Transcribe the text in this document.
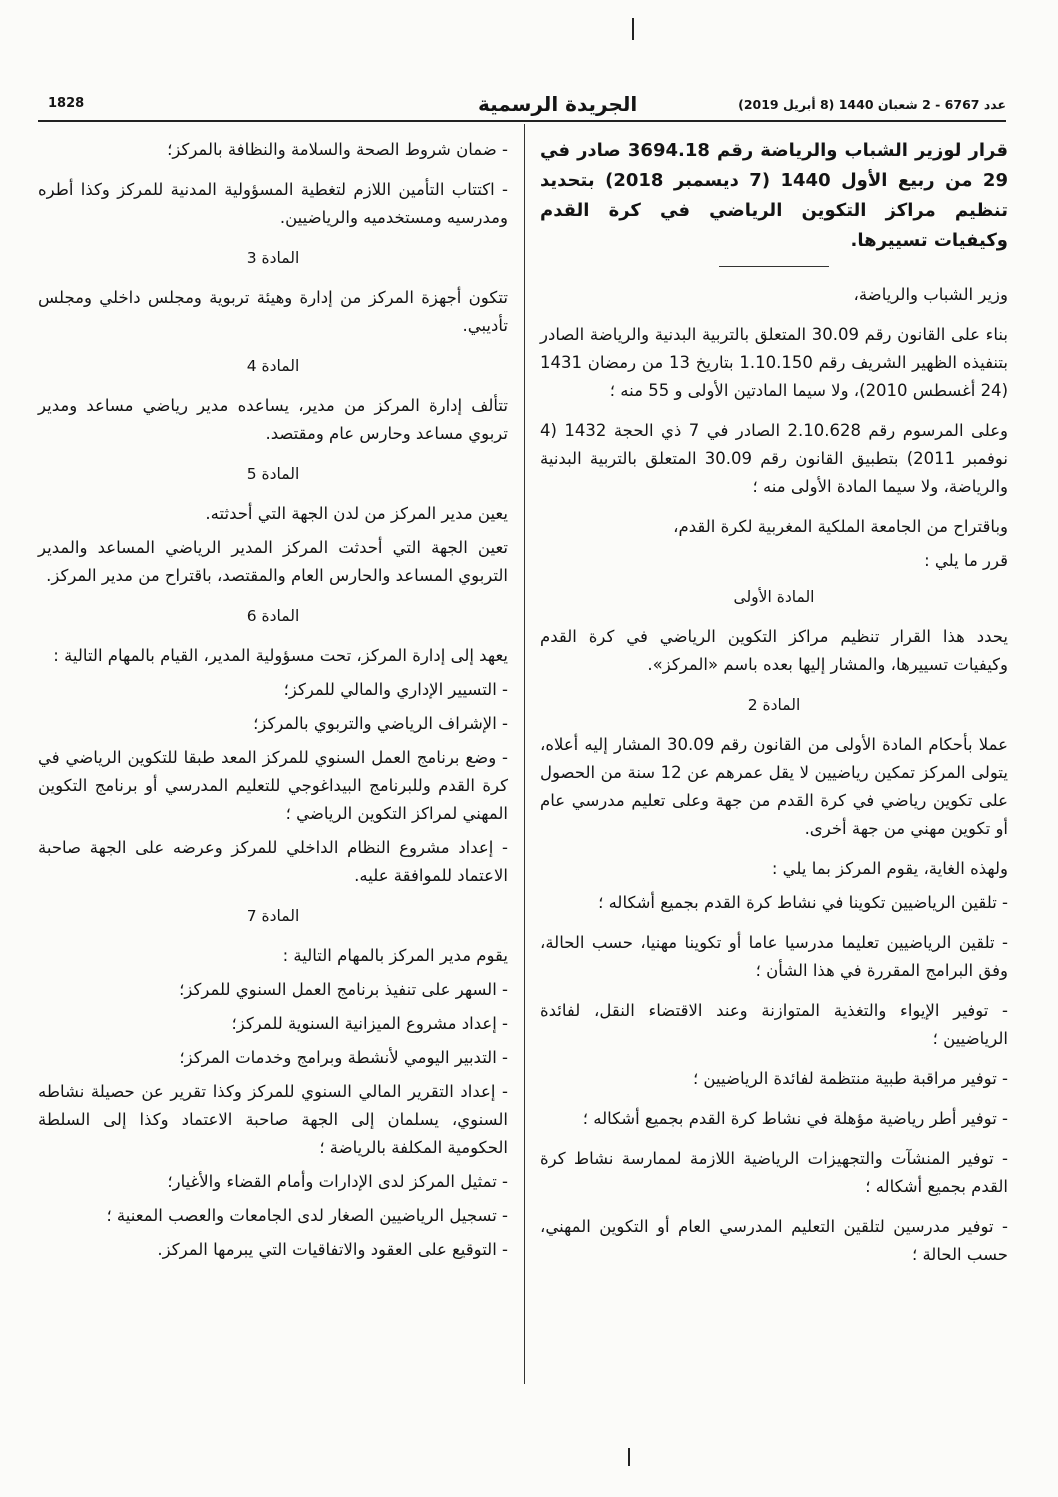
1828	الجريدة الرسمية	عدد 6767 - 2 شعبان 1440 (8 أبريل 2019)

قرار لوزير الشباب والرياضة رقم 3694.18 صادر في 29 من ربيع الأول 1440 (7 ديسمبر 2018) بتحديد تنظيم مراكز التكوين الرياضي في كرة القدم وكيفيات تسييرها.

وزير الشباب والرياضة،

بناء على القانون رقم 30.09 المتعلق بالتربية البدنية والرياضة الصادر بتنفيذه الظهير الشريف رقم 1.10.150 بتاريخ 13 من رمضان 1431 (24 أغسطس 2010)، ولا سيما المادتين الأولى و 55 منه ؛

وعلى المرسوم رقم 2.10.628 الصادر في 7 ذي الحجة 1432 (4 نوفمبر 2011) بتطبيق القانون رقم 30.09 المتعلق بالتربية البدنية والرياضة، ولا سيما المادة الأولى منه ؛

وباقتراح من الجامعة الملكية المغربية لكرة القدم،

قرر ما يلي :

المادة الأولى

يحدد هذا القرار تنظيم مراكز التكوين الرياضي في كرة القدم وكيفيات تسييرها، والمشار إليها بعده باسم «المركز».

المادة 2

عملا بأحكام المادة الأولى من القانون رقم 30.09 المشار إليه أعلاه، يتولى المركز تمكين رياضيين لا يقل عمرهم عن 12 سنة من الحصول على تكوين رياضي في كرة القدم من جهة وعلى تعليم مدرسي عام أو تكوين مهني من جهة أخرى.

ولهذه الغاية، يقوم المركز بما يلي :

- تلقين الرياضيين تكوينا في نشاط كرة القدم بجميع أشكاله ؛

- تلقين الرياضيين تعليما مدرسيا عاما أو تكوينا مهنيا، حسب الحالة، وفق البرامج المقررة في هذا الشأن ؛

- توفير الإيواء والتغذية المتوازنة وعند الاقتضاء النقل، لفائدة الرياضيين ؛

- توفير مراقبة طبية منتظمة لفائدة الرياضيين ؛

- توفير أطر رياضية مؤهلة في نشاط كرة القدم بجميع أشكاله ؛

- توفير المنشآت والتجهيزات الرياضية اللازمة لممارسة نشاط كرة القدم بجميع أشكاله ؛

- توفير مدرسين لتلقين التعليم المدرسي العام أو التكوين المهني، حسب الحالة ؛

- ضمان شروط الصحة والسلامة والنظافة بالمركز؛

- اكتتاب التأمين اللازم لتغطية المسؤولية المدنية للمركز وكذا أطره ومدرسيه ومستخدميه والرياضيين.

المادة 3

تتكون أجهزة المركز من إدارة وهيئة تربوية ومجلس داخلي ومجلس تأديبي.

المادة 4

تتألف إدارة المركز من مدير، يساعده مدير رياضي مساعد ومدير تربوي مساعد وحارس عام ومقتصد.

المادة 5

يعين مدير المركز من لدن الجهة التي أحدثته.

تعين الجهة التي أحدثت المركز المدير الرياضي المساعد والمدير التربوي المساعد والحارس العام والمقتصد، باقتراح من مدير المركز.

المادة 6

يعهد إلى إدارة المركز، تحت مسؤولية المدير، القيام بالمهام التالية :

- التسيير الإداري والمالي للمركز؛

- الإشراف الرياضي والتربوي بالمركز؛

- وضع برنامج العمل السنوي للمركز المعد طبقا للتكوين الرياضي في كرة القدم وللبرنامج البيداغوجي للتعليم المدرسي أو برنامج التكوين المهني لمراكز التكوين الرياضي ؛

- إعداد مشروع النظام الداخلي للمركز وعرضه على الجهة صاحبة الاعتماد للموافقة عليه.

المادة 7

يقوم مدير المركز بالمهام التالية :

- السهر على تنفيذ برنامج العمل السنوي للمركز؛

- إعداد مشروع الميزانية السنوية للمركز؛

- التدبير اليومي لأنشطة وبرامج وخدمات المركز؛

- إعداد التقرير المالي السنوي للمركز وكذا تقرير عن حصيلة نشاطه السنوي، يسلمان إلى الجهة صاحبة الاعتماد وكذا إلى السلطة الحكومية المكلفة بالرياضة ؛

- تمثيل المركز لدى الإدارات وأمام القضاء والأغيار؛

- تسجيل الرياضيين الصغار لدى الجامعات والعصب المعنية ؛

- التوقيع على العقود والاتفاقيات التي يبرمها المركز.
